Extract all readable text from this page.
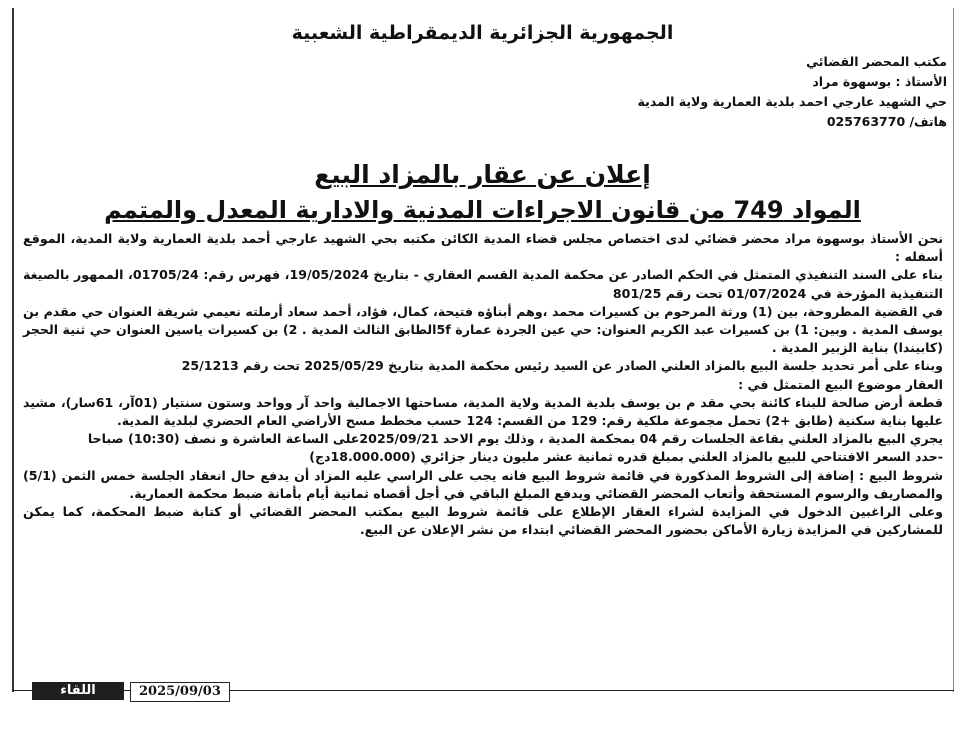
الجمهورية الجزائرية الديمقراطية الشعبية
مكتب المحضر القضائي
الأستاذ : بوسهوة مراد
حي الشهيد عارجي احمد بلدية العمارية ولاية المدية
هاتف/ 025763770
إعلان عن عقار بالمزاد البيع
المواد 749 من قانون الاجراءات المدنية والادارية المعدل والمتمم

نحن الأستاذ بوسهوة مراد محضر قضائي لدى اختصاص مجلس قضاء المدية الكائن مكتبه بحي الشهيد عارجي أحمد بلدية العمارية ولاية المدية، الموقع أسفله :

بناء على السند التنفيذي المتمثل في الحكم الصادر عن محكمة المدية القسم العقاري - بتاريخ 19/05/2024، فهرس رقم: 01705/24، الممهور بالصيغة التنفيذية المؤرخة في 01/07/2024 تحت رقم 801/25

في القضية المطروحة، بين (1) ورثة المرحوم بن كسيرات محمد ،وهم أبناؤه فتيحة، كمال، فؤاد، أحمد سعاد أرملته نعيمي شريفة العنوان حي مقدم بن يوسف المدية . وبين: 1) بن كسيرات عبد الكريم العنوان: حي عين الجردة عمارة 5fالطابق الثالث المدية . 2) بن كسيرات ياسين العنوان حي ثنية الحجر (كابيندا) بناية الزبير المدية .

وبناء على أمر تحديد جلسة البيع بالمزاد العلني الصادر عن السيد رئيس محكمة المدية بتاريخ 2025/05/29 تحت رقم 25/1213

العقار موضوع البيع المتمثل في :

قطعة أرض صالحة للبناء كائنة بحي مقد م بن يوسف بلدية المدية ولاية المدية، مساحتها الاجمالية واحد آر وواحد وستون سنتيار (01آر، 61سار)، مشيد عليها بناية سكنية (طابق +2) تحمل مجموعة ملكية رقم: 129 من القسم: 124 حسب مخطط مسح الأراضي العام الحضري لبلدية المدية.

يجري البيع بالمزاد العلني بقاعة الجلسات رقم 04 بمحكمة المدية ، وذلك يوم الاحد 2025/09/21على الساعة العاشرة و نصف (10:30) صباحا

-حدد السعر الافتتاحي للبيع بالمزاد العلني بمبلغ قدره ثمانية عشر مليون دينار جزائري (18.000.000دج)

شروط البيع : إضافة إلى الشروط المذكورة في قائمة شروط البيع فانه يجب على الراسي عليه المزاد أن يدفع حال انعقاد الجلسة خمس الثمن (5/1) والمصاريف والرسوم المستحقة وأتعاب المحضر القضائي ويدفع المبلغ الباقي في أجل أقصاه ثمانية أيام بأمانة ضبط محكمة العمارية.

وعلى الراغبين الدخول في المزايدة لشراء العقار الإطلاع على قائمة شروط البيع بمكتب المحضر القضائي أو كتابة ضبط المحكمة، كما يمكن للمشاركين في المزايدة زيارة الأماكن بحضور المحضر القضائي ابتداء من نشر الإعلان عن البيع.

اللقاء	2025/09/03
